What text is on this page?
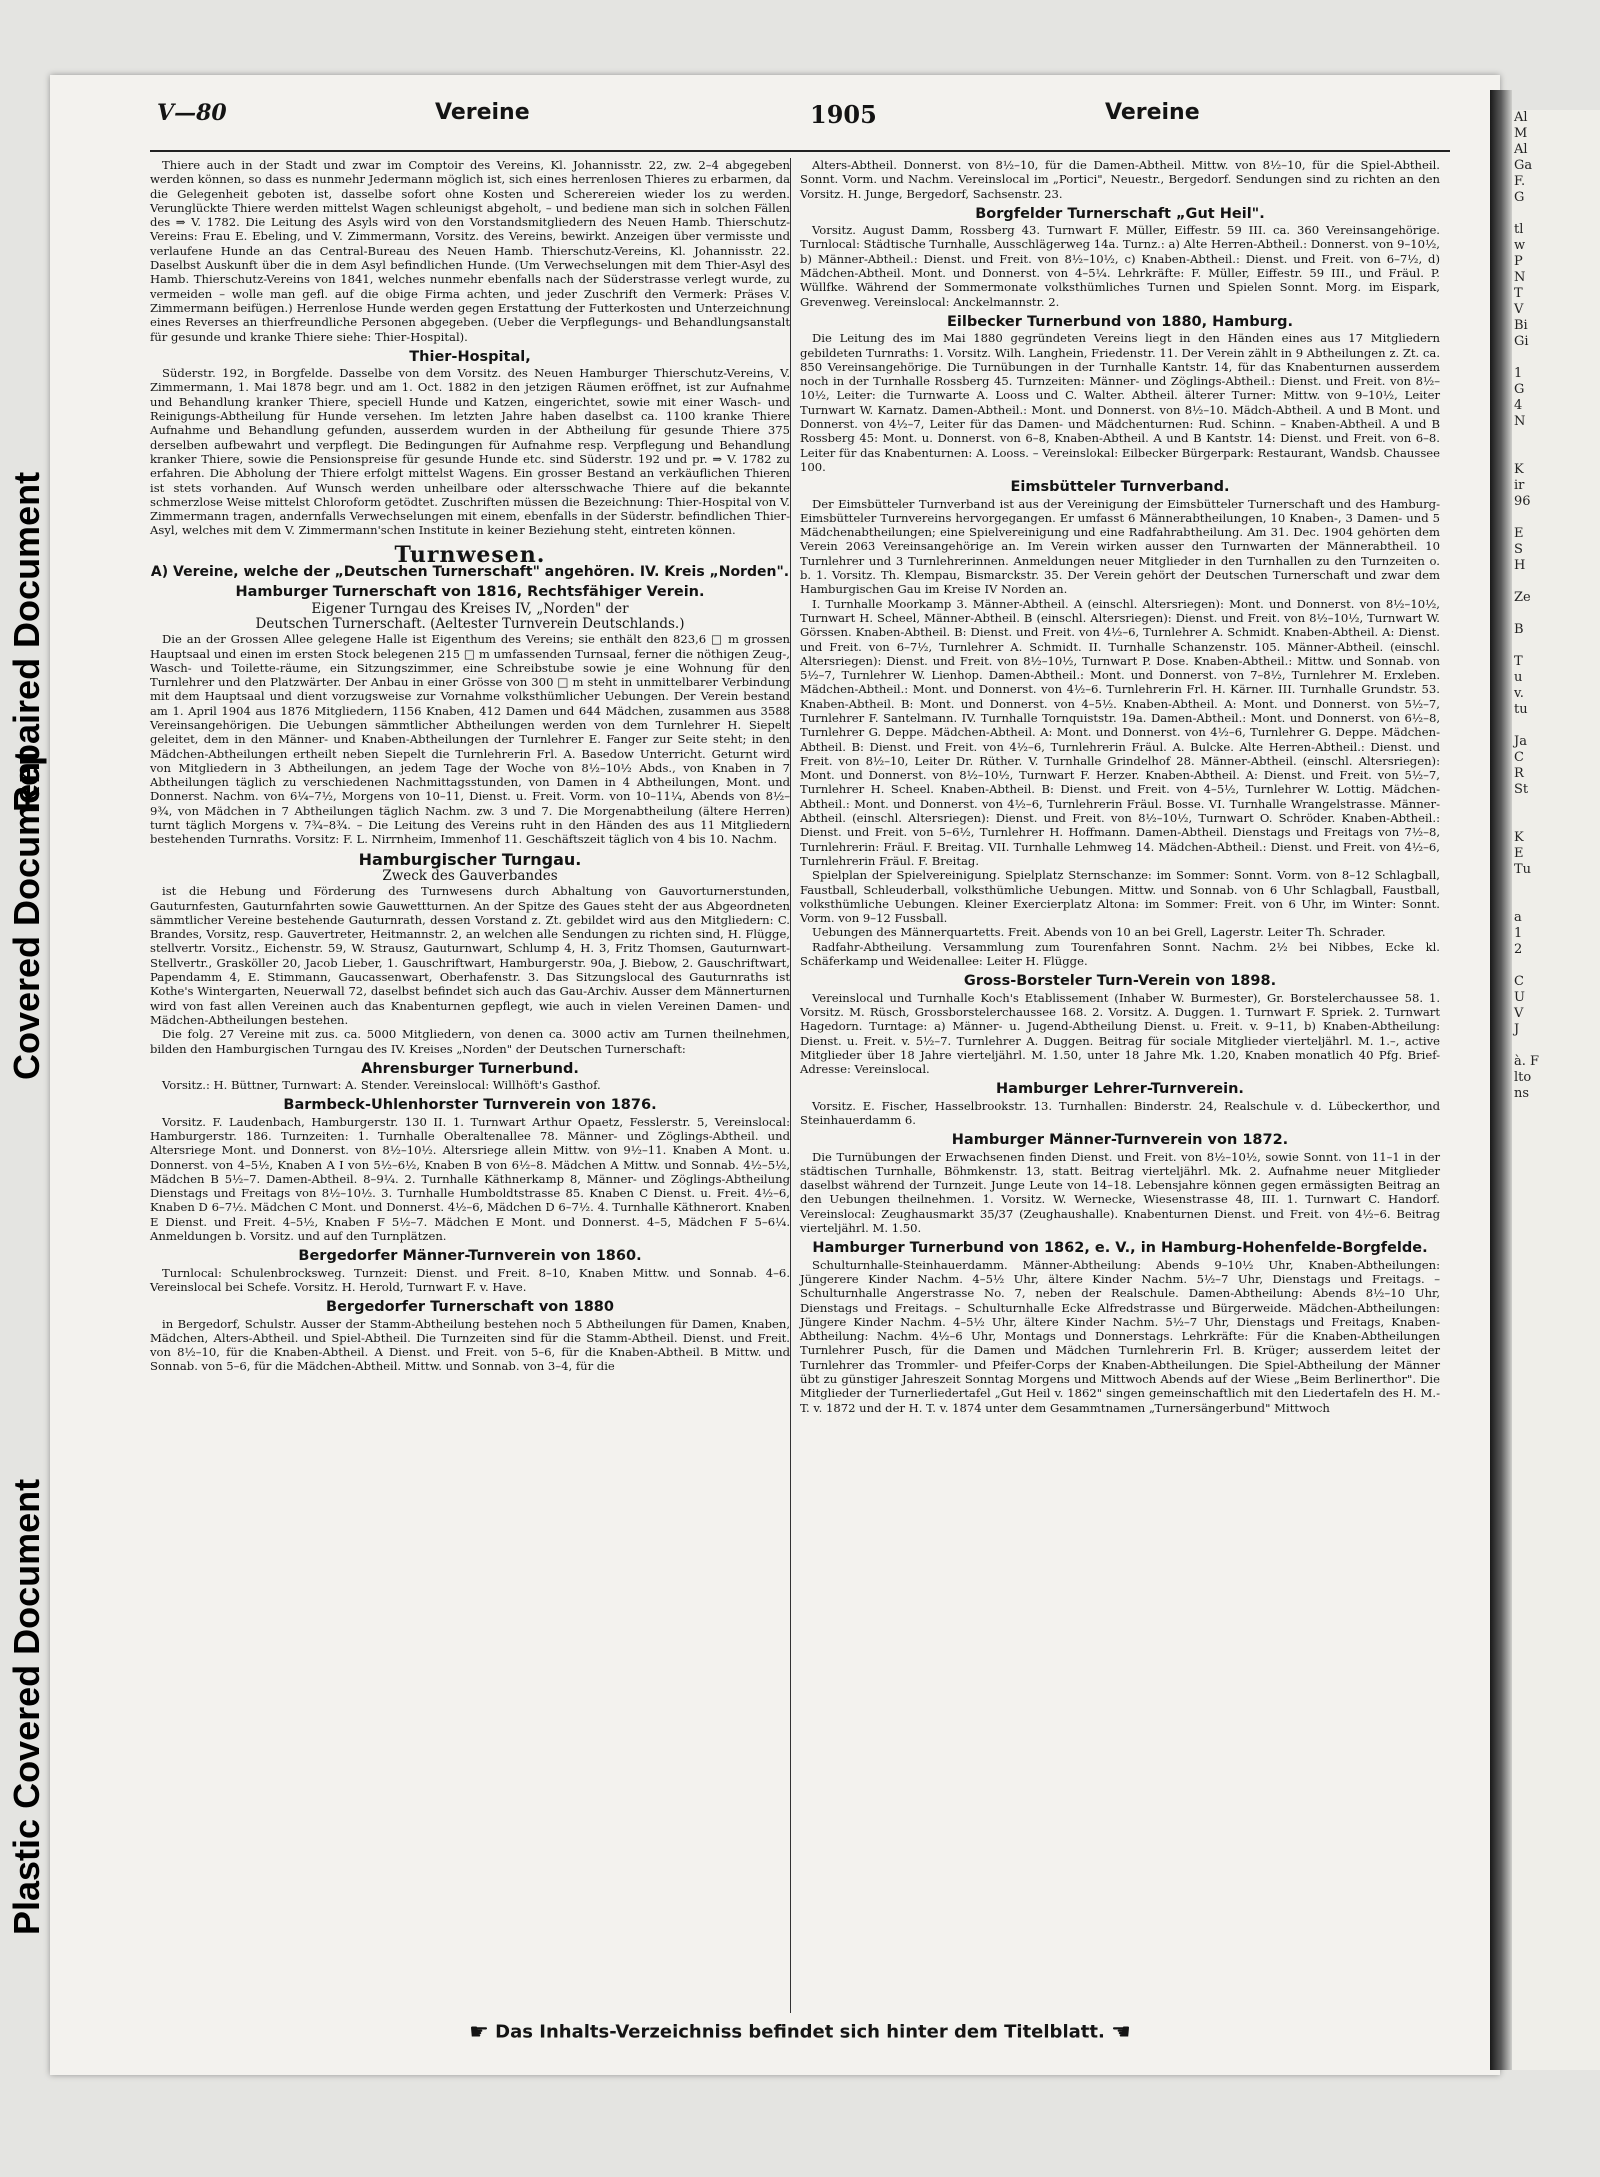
Al
M
Al
Ga
F.
G

tl
w
P
N
T
V
Bi
Gi

1
G
4
N

K
ir
96

E
S
H

Ze

B

T
u
v.
tu

Ja
C
R
St

K
E
Tu

a
1
2

C
U
V
J

à. F
lto
ns
V—80	Vereine	1905	Vereine

Thiere auch in der Stadt und zwar im Comptoir des Vereins, Kl. Johannisstr. 22, zw. 2–4 abgegeben werden können, so dass es nunmehr Jedermann möglich ist, sich eines herrenlosen Thieres zu erbarmen, da die Gelegenheit geboten ist, dasselbe sofort ohne Kosten und Scherereien wieder los zu werden. Verunglückte Thiere werden mittelst Wagen schleunigst abgeholt, – und bediene man sich in solchen Fällen des ⇒ V. 1782. Die Leitung des Asyls wird von den Vorstandsmitgliedern des Neuen Hamb. Thierschutz-Vereins: Frau E. Ebeling, und V. Zimmermann, Vorsitz. des Vereins, bewirkt. Anzeigen über vermisste und verlaufene Hunde an das Central-Bureau des Neuen Hamb. Thierschutz-Vereins, Kl. Johannisstr. 22. Daselbst Auskunft über die in dem Asyl befindlichen Hunde. (Um Verwechselungen mit dem Thier-Asyl des Hamb. Thierschutz-Vereins von 1841, welches nunmehr ebenfalls nach der Süderstrasse verlegt wurde, zu vermeiden – wolle man gefl. auf die obige Firma achten, und jeder Zuschrift den Vermerk: Präses V. Zimmermann beifügen.) Herrenlose Hunde werden gegen Erstattung der Futterkosten und Unterzeichnung eines Reverses an thierfreundliche Personen abgegeben. (Ueber die Verpflegungs- und Behandlungsanstalt für gesunde und kranke Thiere siehe: Thier-Hospital).

Thier-Hospital,

Süderstr. 192, in Borgfelde. Dasselbe von dem Vorsitz. des Neuen Hamburger Thierschutz-Vereins, V. Zimmermann, 1. Mai 1878 begr. und am 1. Oct. 1882 in den jetzigen Räumen eröffnet, ist zur Aufnahme und Behandlung kranker Thiere, speciell Hunde und Katzen, eingerichtet, sowie mit einer Wasch- und Reinigungs-Abtheilung für Hunde versehen. Im letzten Jahre haben daselbst ca. 1100 kranke Thiere Aufnahme und Behandlung gefunden, ausserdem wurden in der Abtheilung für gesunde Thiere 375 derselben aufbewahrt und verpflegt. Die Bedingungen für Aufnahme resp. Verpflegung und Behandlung kranker Thiere, sowie die Pensionspreise für gesunde Hunde etc. sind Süderstr. 192 und pr. ⇒ V. 1782 zu erfahren. Die Abholung der Thiere erfolgt mittelst Wagens. Ein grosser Bestand an verkäuflichen Thieren ist stets vorhanden. Auf Wunsch werden unheilbare oder altersschwache Thiere auf die bekannte schmerzlose Weise mittelst Chloroform getödtet. Zuschriften müssen die Bezeichnung: Thier-Hospital von V. Zimmermann tragen, andernfalls Verwechselungen mit einem, ebenfalls in der Süderstr. befindlichen Thier-Asyl, welches mit dem V. Zimmermann'schen Institute in keiner Beziehung steht, eintreten können.

Turnwesen.
A) Vereine, welche der „Deutschen Turnerschaft" angehören. IV. Kreis „Norden".
Hamburger Turnerschaft von 1816, Rechtsfähiger Verein.
Eigener Turngau des Kreises IV, „Norden" der
Deutschen Turnerschaft. (Aeltester Turnverein Deutschlands.)

Die an der Grossen Allee gelegene Halle ist Eigenthum des Vereins; sie enthält den 823,6 □ m grossen Hauptsaal und einen im ersten Stock belegenen 215 □ m umfassenden Turnsaal, ferner die nöthigen Zeug-, Wasch- und Toilette-räume, ein Sitzungszimmer, eine Schreibstube sowie je eine Wohnung für den Turnlehrer und den Platzwärter. Der Anbau in einer Grösse von 300 □ m steht in unmittelbarer Verbindung mit dem Hauptsaal und dient vorzugsweise zur Vornahme volksthümlicher Uebungen. Der Verein bestand am 1. April 1904 aus 1876 Mitgliedern, 1156 Knaben, 412 Damen und 644 Mädchen, zusammen aus 3588 Vereinsangehörigen. Die Uebungen sämmtlicher Abtheilungen werden von dem Turnlehrer H. Siepelt geleitet, dem in den Männer- und Knaben-Abtheilungen der Turnlehrer E. Fanger zur Seite steht; in den Mädchen-Abtheilungen ertheilt neben Siepelt die Turnlehrerin Frl. A. Basedow Unterricht. Geturnt wird von Mitgliedern in 3 Abtheilungen, an jedem Tage der Woche von 8½–10½ Abds., von Knaben in 7 Abtheilungen täglich zu verschiedenen Nachmittagsstunden, von Damen in 4 Abtheilungen, Mont. und Donnerst. Nachm. von 6¼–7½, Morgens von 10–11, Dienst. u. Freit. Vorm. von 10–11¼, Abends von 8½–9¾, von Mädchen in 7 Abtheilungen täglich Nachm. zw. 3 und 7. Die Morgenabtheilung (ältere Herren) turnt täglich Morgens v. 7¾–8¾. – Die Leitung des Vereins ruht in den Händen des aus 11 Mitgliedern bestehenden Turnraths. Vorsitz: F. L. Nirrnheim, Immenhof 11. Geschäftszeit täglich von 4 bis 10. Nachm.

Hamburgischer Turngau.
Zweck des Gauverbandes

ist die Hebung und Förderung des Turnwesens durch Abhaltung von Gauvorturnerstunden, Gauturnfesten, Gauturnfahrten sowie Gauwettturnen. An der Spitze des Gaues steht der aus Abgeordneten sämmtlicher Vereine bestehende Gauturnrath, dessen Vorstand z. Zt. gebildet wird aus den Mitgliedern: C. Brandes, Vorsitz, resp. Gauvertreter, Heitmannstr. 2, an welchen alle Sendungen zu richten sind, H. Flügge, stellvertr. Vorsitz., Eichenstr. 59, W. Strausz, Gauturnwart, Schlump 4, H. 3, Fritz Thomsen, Gauturnwart-Stellvertr., Grasköller 20, Jacob Lieber, 1. Gauschriftwart, Hamburgerstr. 90a, J. Biebow, 2. Gauschriftwart, Papendamm 4, E. Stimmann, Gaucassenwart, Oberhafenstr. 3. Das Sitzungslocal des Gauturnraths ist Kothe's Wintergarten, Neuerwall 72, daselbst befindet sich auch das Gau-Archiv. Ausser dem Männerturnen wird von fast allen Vereinen auch das Knabenturnen gepflegt, wie auch in vielen Vereinen Damen- und Mädchen-Abtheilungen bestehen.

Die folg. 27 Vereine mit zus. ca. 5000 Mitgliedern, von denen ca. 3000 activ am Turnen theilnehmen, bilden den Hamburgischen Turngau des IV. Kreises „Norden" der Deutschen Turnerschaft:

Ahrensburger Turnerbund.

Vorsitz.: H. Büttner, Turnwart: A. Stender. Vereinslocal: Willhöft's Gasthof.

Barmbeck-Uhlenhorster Turnverein von 1876.

Vorsitz. F. Laudenbach, Hamburgerstr. 130 II. 1. Turnwart Arthur Opaetz, Fesslerstr. 5, Vereinslocal: Hamburgerstr. 186. Turnzeiten: 1. Turnhalle Oberaltenallee 78. Männer- und Zöglings-Abtheil. und Altersriege Mont. und Donnerst. von 8½–10½. Altersriege allein Mittw. von 9½–11. Knaben A Mont. u. Donnerst. von 4–5½, Knaben A I von 5½–6½, Knaben B von 6½–8. Mädchen A Mittw. und Sonnab. 4½–5½, Mädchen B 5½–7. Damen-Abtheil. 8–9¼. 2. Turnhalle Käthnerkamp 8, Männer- und Zöglings-Abtheilung Dienstags und Freitags von 8½–10½. 3. Turnhalle Humboldtstrasse 85. Knaben C Dienst. u. Freit. 4½–6, Knaben D 6–7½. Mädchen C Mont. und Donnerst. 4½–6, Mädchen D 6–7½. 4. Turnhalle Käthnerort. Knaben E Dienst. und Freit. 4–5½, Knaben F 5½–7. Mädchen E Mont. und Donnerst. 4–5, Mädchen F 5–6¼. Anmeldungen b. Vorsitz. und auf den Turnplätzen.

Bergedorfer Männer-Turnverein von 1860.

Turnlocal: Schulenbrocksweg. Turnzeit: Dienst. und Freit. 8–10, Knaben Mittw. und Sonnab. 4–6. Vereinslocal bei Schefe. Vorsitz. H. Herold, Turnwart F. v. Have.

Bergedorfer Turnerschaft von 1880

in Bergedorf, Schulstr. Ausser der Stamm-Abtheilung bestehen noch 5 Abtheilungen für Damen, Knaben, Mädchen, Alters-Abtheil. und Spiel-Abtheil. Die Turnzeiten sind für die Stamm-Abtheil. Dienst. und Freit. von 8½–10, für die Knaben-Abtheil. A Dienst. und Freit. von 5–6, für die Knaben-Abtheil. B Mittw. und Sonnab. von 5–6, für die Mädchen-Abtheil. Mittw. und Sonnab. von 3–4, für die

Alters-Abtheil. Donnerst. von 8½–10, für die Damen-Abtheil. Mittw. von 8½–10, für die Spiel-Abtheil. Sonnt. Vorm. und Nachm. Vereinslocal im „Portici", Neuestr., Bergedorf. Sendungen sind zu richten an den Vorsitz. H. Junge, Bergedorf, Sachsenstr. 23.

Borgfelder Turnerschaft „Gut Heil".

Vorsitz. August Damm, Rossberg 43. Turnwart F. Müller, Eiffestr. 59 III. ca. 360 Vereinsangehörige. Turnlocal: Städtische Turnhalle, Ausschlägerweg 14a. Turnz.: a) Alte Herren-Abtheil.: Donnerst. von 9–10½, b) Männer-Abtheil.: Dienst. und Freit. von 8½–10½, c) Knaben-Abtheil.: Dienst. und Freit. von 6–7½, d) Mädchen-Abtheil. Mont. und Donnerst. von 4–5¼. Lehrkräfte: F. Müller, Eiffestr. 59 III., und Fräul. P. Wüllfke. Während der Sommermonate volksthümliches Turnen und Spielen Sonnt. Morg. im Eispark, Grevenweg. Vereinslocal: Anckelmannstr. 2.

Eilbecker Turnerbund von 1880, Hamburg.

Die Leitung des im Mai 1880 gegründeten Vereins liegt in den Händen eines aus 17 Mitgliedern gebildeten Turnraths: 1. Vorsitz. Wilh. Langhein, Friedenstr. 11. Der Verein zählt in 9 Abtheilungen z. Zt. ca. 850 Vereinsangehörige. Die Turnübungen in der Turnhalle Kantstr. 14, für das Knabenturnen ausserdem noch in der Turnhalle Rossberg 45. Turnzeiten: Männer- und Zöglings-Abtheil.: Dienst. und Freit. von 8½–10½, Leiter: die Turnwarte A. Looss und C. Walter. Abtheil. älterer Turner: Mittw. von 9–10½, Leiter Turnwart W. Karnatz. Damen-Abtheil.: Mont. und Donnerst. von 8½–10. Mädch-Abtheil. A und B Mont. und Donnerst. von 4½–7, Leiter für das Damen- und Mädchenturnen: Rud. Schinn. – Knaben-Abtheil. A und B Rossberg 45: Mont. u. Donnerst. von 6–8, Knaben-Abtheil. A und B Kantstr. 14: Dienst. und Freit. von 6–8. Leiter für das Knabenturnen: A. Looss. – Vereinslokal: Eilbecker Bürgerpark: Restaurant, Wandsb. Chaussee 100.

Eimsbütteler Turnverband.

Der Eimsbütteler Turnverband ist aus der Vereinigung der Eimsbütteler Turnerschaft und des Hamburg-Eimsbütteler Turnvereins hervorgegangen. Er umfasst 6 Männerabtheilungen, 10 Knaben-, 3 Damen- und 5 Mädchenabtheilungen; eine Spielvereinigung und eine Radfahrabtheilung. Am 31. Dec. 1904 gehörten dem Verein 2063 Vereinsangehörige an. Im Verein wirken ausser den Turnwarten der Männerabtheil. 10 Turnlehrer und 3 Turnlehrerinnen. Anmeldungen neuer Mitglieder in den Turnhallen zu den Turnzeiten o. b. 1. Vorsitz. Th. Klempau, Bismarckstr. 35. Der Verein gehört der Deutschen Turnerschaft und zwar dem Hamburgischen Gau im Kreise IV Norden an.

I. Turnhalle Moorkamp 3. Männer-Abtheil. A (einschl. Altersriegen): Mont. und Donnerst. von 8½–10½, Turnwart H. Scheel, Männer-Abtheil. B (einschl. Altersriegen): Dienst. und Freit. von 8½–10½, Turnwart W. Görssen. Knaben-Abtheil. B: Dienst. und Freit. von 4½–6, Turnlehrer A. Schmidt. Knaben-Abtheil. A: Dienst. und Freit. von 6–7½, Turnlehrer A. Schmidt. II. Turnhalle Schanzenstr. 105. Männer-Abtheil. (einschl. Altersriegen): Dienst. und Freit. von 8½–10½, Turnwart P. Dose. Knaben-Abtheil.: Mittw. und Sonnab. von 5½–7, Turnlehrer W. Lienhop. Damen-Abtheil.: Mont. und Donnerst. von 7–8½, Turnlehrer M. Erxleben. Mädchen-Abtheil.: Mont. und Donnerst. von 4½–6. Turnlehrerin Frl. H. Kärner. III. Turnhalle Grundstr. 53. Knaben-Abtheil. B: Mont. und Donnerst. von 4–5½. Knaben-Abtheil. A: Mont. und Donnerst. von 5½–7, Turnlehrer F. Santelmann. IV. Turnhalle Tornquiststr. 19a. Damen-Abtheil.: Mont. und Donnerst. von 6½–8, Turnlehrer G. Deppe. Mädchen-Abtheil. A: Mont. und Donnerst. von 4½–6, Turnlehrer G. Deppe. Mädchen-Abtheil. B: Dienst. und Freit. von 4½–6, Turnlehrerin Fräul. A. Bulcke. Alte Herren-Abtheil.: Dienst. und Freit. von 8½–10, Leiter Dr. Rüther. V. Turnhalle Grindelhof 28. Männer-Abtheil. (einschl. Altersriegen): Mont. und Donnerst. von 8½–10½, Turnwart F. Herzer. Knaben-Abtheil. A: Dienst. und Freit. von 5½–7, Turnlehrer H. Scheel. Knaben-Abtheil. B: Dienst. und Freit. von 4–5½, Turnlehrer W. Lottig. Mädchen-Abtheil.: Mont. und Donnerst. von 4½–6, Turnlehrerin Fräul. Bosse. VI. Turnhalle Wrangelstrasse. Männer-Abtheil. (einschl. Altersriegen): Dienst. und Freit. von 8½–10½, Turnwart O. Schröder. Knaben-Abtheil.: Dienst. und Freit. von 5–6½, Turnlehrer H. Hoffmann. Damen-Abtheil. Dienstags und Freitags von 7½–8, Turnlehrerin: Fräul. F. Breitag. VII. Turnhalle Lehmweg 14. Mädchen-Abtheil.: Dienst. und Freit. von 4½–6, Turnlehrerin Fräul. F. Breitag.

Spielplan der Spielvereinigung. Spielplatz Sternschanze: im Sommer: Sonnt. Vorm. von 8–12 Schlagball, Faustball, Schleuderball, volksthümliche Uebungen. Mittw. und Sonnab. von 6 Uhr Schlagball, Faustball, volksthümliche Uebungen. Kleiner Exercierplatz Altona: im Sommer: Freit. von 6 Uhr, im Winter: Sonnt. Vorm. von 9–12 Fussball.

Uebungen des Männerquartetts. Freit. Abends von 10 an bei Grell, Lagerstr. Leiter Th. Schrader.

Radfahr-Abtheilung. Versammlung zum Tourenfahren Sonnt. Nachm. 2½ bei Nibbes, Ecke kl. Schäferkamp und Weidenallee: Leiter H. Flügge.

Gross-Borsteler Turn-Verein von 1898.

Vereinslocal und Turnhalle Koch's Etablissement (Inhaber W. Burmester), Gr. Borstelerchaussee 58. 1. Vorsitz. M. Rüsch, Grossborstelerchaussee 168. 2. Vorsitz. A. Duggen. 1. Turnwart F. Spriek. 2. Turnwart Hagedorn. Turntage: a) Männer- u. Jugend-Abtheilung Dienst. u. Freit. v. 9–11, b) Knaben-Abtheilung: Dienst. u. Freit. v. 5½–7. Turnlehrer A. Duggen. Beitrag für sociale Mitglieder vierteljährl. M. 1.–, active Mitglieder über 18 Jahre vierteljährl. M. 1.50, unter 18 Jahre Mk. 1.20, Knaben monatlich 40 Pfg. Brief-Adresse: Vereinslocal.

Hamburger Lehrer-Turnverein.

Vorsitz. E. Fischer, Hasselbrookstr. 13. Turnhallen: Binderstr. 24, Realschule v. d. Lübeckerthor, und Steinhauerdamm 6.

Hamburger Männer-Turnverein von 1872.

Die Turnübungen der Erwachsenen finden Dienst. und Freit. von 8½–10½, sowie Sonnt. von 11–1 in der städtischen Turnhalle, Böhmkenstr. 13, statt. Beitrag vierteljährl. Mk. 2. Aufnahme neuer Mitglieder daselbst während der Turnzeit. Junge Leute von 14–18. Lebensjahre können gegen ermässigten Beitrag an den Uebungen theilnehmen. 1. Vorsitz. W. Wernecke, Wiesenstrasse 48, III. 1. Turnwart C. Handorf. Vereinslocal: Zeughausmarkt 35/37 (Zeughaushalle). Knabenturnen Dienst. und Freit. von 4½–6. Beitrag vierteljährl. M. 1.50.

Hamburger Turnerbund von 1862, e. V., in Hamburg-Hohenfelde-Borgfelde.

Schulturnhalle-Steinhauerdamm. Männer-Abtheilung: Abends 9–10½ Uhr, Knaben-Abtheilungen: Jüngerere Kinder Nachm. 4–5½ Uhr, ältere Kinder Nachm. 5½–7 Uhr, Dienstags und Freitags. – Schulturnhalle Angerstrasse No. 7, neben der Realschule. Damen-Abtheilung: Abends 8½–10 Uhr, Dienstags und Freitags. – Schulturnhalle Ecke Alfredstrasse und Bürgerweide. Mädchen-Abtheilungen: Jüngere Kinder Nachm. 4–5½ Uhr, ältere Kinder Nachm. 5½–7 Uhr, Dienstags und Freitags, Knaben-Abtheilung: Nachm. 4½–6 Uhr, Montags und Donnerstags. Lehrkräfte: Für die Knaben-Abtheilungen Turnlehrer Pusch, für die Damen und Mädchen Turnlehrerin Frl. B. Krüger; ausserdem leitet der Turnlehrer das Trommler- und Pfeifer-Corps der Knaben-Abtheilungen. Die Spiel-Abtheilung der Männer übt zu günstiger Jahreszeit Sonntag Morgens und Mittwoch Abends auf der Wiese „Beim Berlinerthor". Die Mitglieder der Turnerliedertafel „Gut Heil v. 1862" singen gemeinschaftlich mit den Liedertafeln des H. M.-T. v. 1872 und der H. T. v. 1874 unter dem Gesammtnamen „Turnersängerbund" Mittwoch

☛ Das Inhalts-Verzeichniss befindet sich hinter dem Titelblatt. ☚
